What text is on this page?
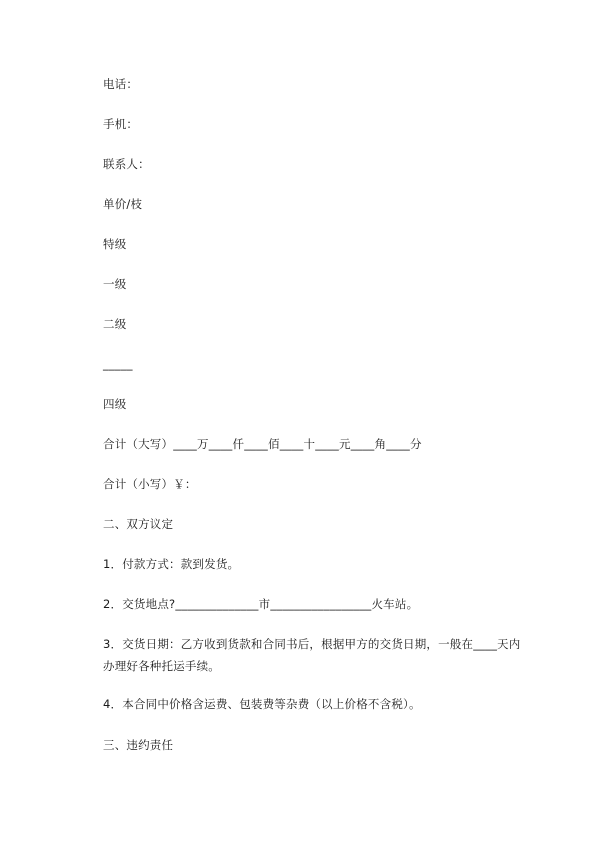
电话：
手机：
联系人：
单价/枝
特级
一级
二级
_____
四级
合计（大写）____万____仟____佰____十____元____角____分
合计（小写）￥：
二、双方议定
1．付款方式：款到发货。
2．交货地点?______________市_________________火车站。
3．交货日期：乙方收到货款和合同书后，根据甲方的交货日期，一般在____天内办理好各种托运手续。
4．本合同中价格含运费、包装费等杂费（以上价格不含税）。
三、违约责任
